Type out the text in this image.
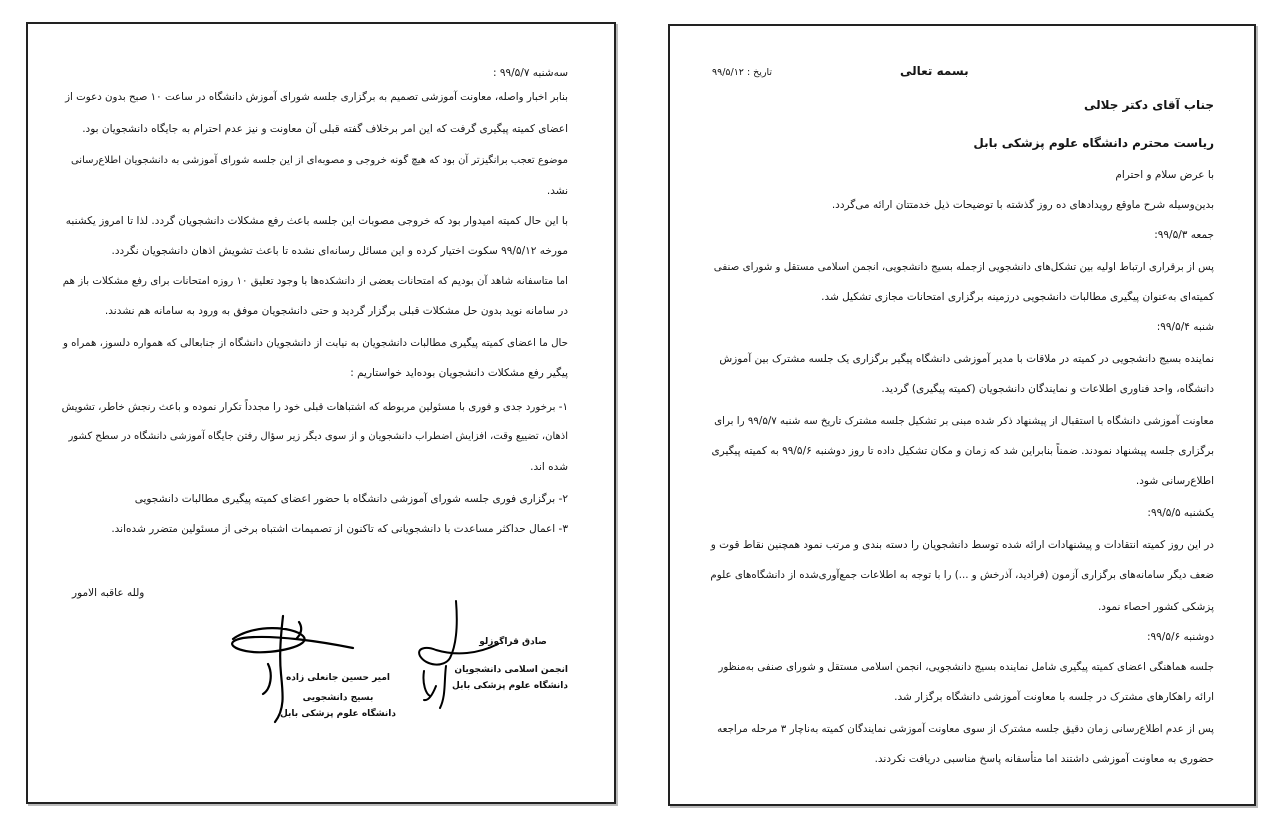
سه‌شنبه ۹۹/۵/۷ :
بنابر اخبار واصله، معاونت آموزشی تصمیم به برگزاری جلسه شورای آموزش دانشگاه در ساعت ۱۰ صبح بدون دعوت از
اعضای کمیته پیگیری گرفت که این امر برخلاف گفته قبلی آن معاونت و نیز عدم احترام به جایگاه دانشجویان بود.
موضوع تعجب برانگیزتر آن بود که هیچ گونه خروجی و مصوبه‌ای از این جلسه شورای آموزشی به دانشجویان اطلاع‌رسانی
نشد.
با این حال کمیته امیدوار بود که خروجی مصوبات این جلسه باعث رفع مشکلات دانشجویان گردد. لذا تا امروز یکشنبه
مورخه ۹۹/۵/۱۲ سکوت اختیار کرده و این مسائل رسانه‌ای نشده تا باعث تشویش اذهان دانشجویان نگردد.
اما متاسفانه شاهد آن بودیم که امتحانات بعضی از دانشکده‌ها با وجود تعلیق ۱۰ روزه امتحانات برای رفع مشکلات باز هم
در سامانه نوید بدون حل مشکلات قبلی برگزار گردید و حتی دانشجویان موفق به ورود به سامانه هم نشدند.
حال ما اعضای کمیته پیگیری مطالبات دانشجویان به نیابت از دانشجویان دانشگاه از جنابعالی که همواره دلسوز، همراه و
پیگیر رفع مشکلات دانشجویان بوده‌اید خواستاریم :
۱- برخورد جدی و فوری با مسئولین مربوطه که اشتباهات قبلی خود را مجدداً تکرار نموده و باعث رنجش خاطر، تشویش
اذهان، تضییع وقت، افزایش اضطراب دانشجویان و از سوی دیگر زیر سؤال رفتن جایگاه آموزشی دانشگاه در سطح کشور
شده اند.
۲- برگزاری فوری جلسه شورای آموزشی دانشگاه با حضور اعضای کمیته پیگیری مطالبات دانشجویی
۳- اعمال حداکثر مساعدت با دانشجویانی که تاکنون از تصمیمات اشتباه برخی از مسئولین متضرر شده‌اند.
ولله عاقبه الامور
امیر حسین جانعلی زاده
بسیج دانشجویی
دانشگاه علوم پزشکی بابل
صادق قراگوزلو
انجمن اسلامی دانشجویان
دانشگاه علوم پزشکی بابل
بسمه تعالی
تاریخ : ۹۹/۵/۱۲
جناب آقای دکتر جلالی
ریاست محترم دانشگاه علوم پزشکی بابل
با عرض سلام و احترام
بدین‌وسیله شرح ماوقع رویدادهای ده روز گذشته با توضیحات ذیل خدمتتان ارائه می‌گردد.
جمعه ۹۹/۵/۳:
پس از برقراری ارتباط اولیه بین تشکل‌های دانشجویی ازجمله بسیج دانشجویی، انجمن اسلامی مستقل و شورای صنفی
کمیته‌ای به‌عنوان پیگیری مطالبات دانشجویی درزمینه برگزاری امتحانات مجازی تشکیل شد.
شنبه ۹۹/۵/۴:
نماینده بسیج دانشجویی در کمیته در ملاقات با مدیر آموزشی دانشگاه پیگیر برگزاری یک جلسه مشترک بین آموزش
دانشگاه، واحد فناوری اطلاعات و نمایندگان دانشجویان (کمیته پیگیری) گردید.
معاونت آموزشی دانشگاه با استقبال از پیشنهاد ذکر شده مبنی بر تشکیل جلسه مشترک تاریخ سه شنبه ۹۹/۵/۷ را برای
برگزاری جلسه پیشنهاد نمودند. ضمناً بنابراین شد که زمان و مکان تشکیل داده تا روز دوشنبه ۹۹/۵/۶ به کمیته پیگیری
اطلاع‌رسانی شود.
یکشنبه ۹۹/۵/۵:
در این روز کمیته انتقادات و پیشنهادات ارائه شده توسط دانشجویان را دسته بندی و مرتب نمود همچنین نقاط قوت و
ضعف دیگر سامانه‌های برگزاری آزمون (فرادید، آذرخش و ...) را با توجه به اطلاعات جمع‌آوری‌شده از دانشگاه‌های علوم
پزشکی کشور احصاء نمود.
دوشنبه ۹۹/۵/۶:
جلسه هماهنگی اعضای کمیته پیگیری شامل نماینده بسیج دانشجویی، انجمن اسلامی مستقل و شورای صنفی به‌منظور
ارائه راهکارهای مشترک در جلسه با معاونت آموزشی دانشگاه برگزار شد.
پس از عدم اطلاع‌رسانی زمان دقیق جلسه مشترک از سوی معاونت آموزشی نمایندگان کمیته به‌ناچار ۳ مرحله مراجعه
حضوری به معاونت آموزشی داشتند اما متأسفانه پاسخ مناسبی دریافت نکردند.
